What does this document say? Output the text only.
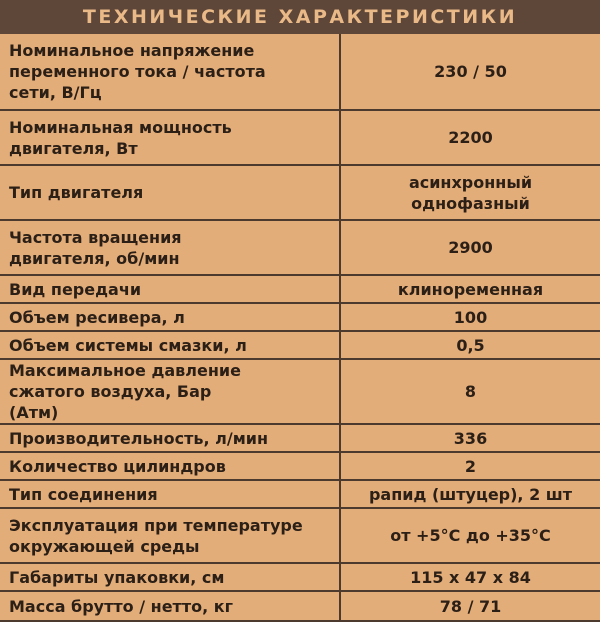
ТЕХНИЧЕСКИЕ ХАРАКТЕРИСТИКИ
Номинальное напряжение переменного тока / частота сети, В/Гц	230 / 50

Номинальная мощность двигателя, Вт	2200
Тип двигателя	асинхронный однофазный

Частота вращения двигателя, об/мин	2900
Вид передачи	клиноременная
Объем ресивера, л	100
Объем системы смазки, л	0,5

Максимальное давление сжатого воздуха, Бар (Атм)	8
Производительность, л/мин	336
Количество цилиндров	2
Тип соединения	рапид (штуцер), 2 шт

Эксплуатация при температуре окружающей среды	от +5°С до +35°С
Габариты упаковки, см	115 х 47 х 84
Масса брутто / нетто, кг	78 / 71
